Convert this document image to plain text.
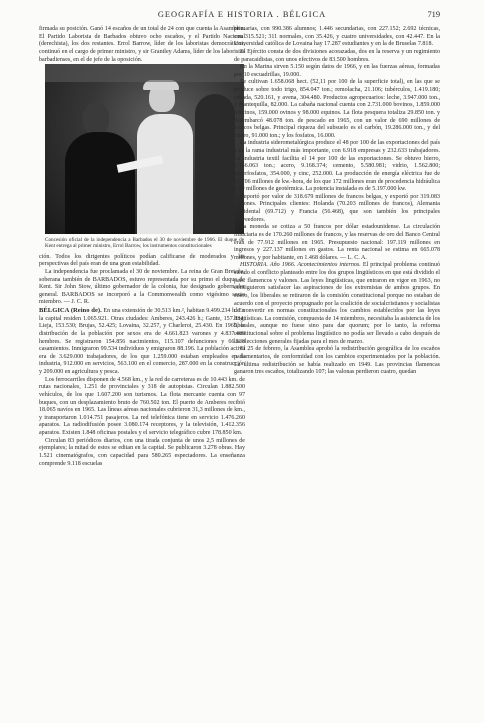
GEOGRAFÍA E HISTORIA . BÉLGICA	719

firmada su posición. Ganó 14 escaños de un total de 24 con que cuenta la Asamblea. El Partido Laborista de Barbados obtuvo ocho escaños, y el Partido Nacional (derechista), los dos restantes. Errol Barrow, líder de los laboristas democráticos, continuó en el cargo de primer ministro, y sir Grantley Adams, líder de los laboristas barbadienses, en el de jefe de la oposición.

Concesión oficial de la independencia a Barbados el 30 de noviembre de 1966. El duque de Kent entrega al primer ministro, Errol Barrow, los instrumentos constitucionales

ción. Todos los dirigentes políticos podían calificarse de moderados y las perspectivas del país eran de una gran estabilidad.

La independencia fue proclamada el 30 de noviembre. La reina de Gran Bretaña, soberana también de BARBADOS, estuvo representada por su primo el duque de Kent. Sir John Stow, último gobernador de la colonia, fue designado gobernador general. BARBADOS se incorporó a la Commonwealth como vigésimo sexto miembro. — J. C. R.

BÉLGICA (Reino de). En una extensión de 30.513 km.², habitan 9.499.234 h. En la capital residen 1.065.921. Otras ciudades: Amberes, 243.426 h.; Gante, 157.834; Lieja, 153.530; Brujas, 52.425; Lovaina, 32.257, y Charleroi, 25.430. En 1965, la distribución de la población por sexos era de 4.661.823 varones y 4.837.409 hembres. Se registraron 154.856 nacimientos, 115.107 defunciones y 66.538 casamientos. Inmigraron 99.534 individuos y emigraron 88.196. La población activa era de 3.629.000 trabajadores, de los que 1.259.000 estaban empleados en la industria, 912.000 en servicios, 563.100 en el comercio, 287.000 en la construcción y 209.000 en agricultura y pesca.

Los ferrocarriles disponen de 4.568 km., y la red de carreteras es de 10.443 km. de rutas nacionales, 1.251 de provinciales y 318 de autopistas. Circulan 1.882.500 vehículos, de los que 1.607.200 son turismos. La flota mercante cuenta con 97 buques, con un desplazamiento bruto de 760.502 ton. El puerto de Amberes recibió 18.065 navíos en 1965. Las líneas aéreas nacionales cubrieron 31,3 millones de km., y transportaron 1.014.751 pasajeros. La red telefónica tiene en servicio 1.476.260 aparatos. La radiodifusión posee 3.080.174 receptores, y la televisión, 1.412.356 aparatos. Existen 1.848 oficinas postales y el servicio telegráfico cubre 178.850 km.

Circulan 83 periódicos diarios, con una tirada conjunta de unos 2,5 millones de ejemplares; la mitad de estos se editan en la capital. Se publicaron 3.278 obras. Hay 1.521 cinematógrafos, con capacidad para 580.265 espectadores. La enseñanza comprende 9.118 escuelas

primarias, con 990.386 alumnos; 1.446 secundarias, con 227.152; 2.692 técnicas, con 315.521; 311 normales, con 35.426, y cuatro universidades, con 42.447. En la Universidad católica de Lovaina hay 17.287 estudiantes y en la de Bruselas 7.818.

El Ejército consta de dos divisiones acorazadas, dos en la reserva y un regimiento de paracaidistas, con unos efectivos de 83.500 hombres.

En la Marina sirven 5.150 según datos de 1966, y en las fuerzas aéreas, formadas por 10 escuadrillas, 19.000.

Se cultivan 1.658.068 hect. (52,11 por 100 de la superficie total), en las que se produce sobre todo trigo, 854.047 ton.; remolacha, 21.106; tubérculos, 1.419.180; cebada, 520.161, y avena, 304.480. Productos agropecuarios: leche, 3.947.000 ton., y mantequilla, 82.000. La cabaña nacional cuenta con 2.731.000 bovinos, 1.859.000 porcinos, 159.000 ovinos y 98.000 equinos. La flota pesquera totaliza 29.850 ton. y desembarcó 48.078 ton. de pescado en 1965, con un valor de 690 millones de francos belgas. Principal riqueza del subsuelo es el carbón, 19.286.000 ton., y del hierro, 91.000 ton.; y los fosfatos, 16.000.

La industria siderometalúrgica produce el 48 por 100 de las exportaciones del país y es la rama industrial más importante, con 6.918 empresas y 232.633 trabajadores. La industria textil facilita el 14 por 100 de las exportaciones. Se obtuvo hierro, 8.366.063 ton.; acero, 9.168.374; cemento, 5.580.981; vidrio, 1.562.800; superfosfatos, 354.000, y cinc, 252.000. La producción de energía eléctrica fue de 21.706 millones de kw.-hora, de los que 172 millones eran de procedencia hidráulica y 50 millones de geotérmica. La potencia instalada es de 5.197.000 kw.

Importó por valor de 318.679 millones de francos belgas, y exportó por 319.083 millones. Principales clientes: Holanda (70.203 millones de francos), Alemania Occidental (69.712) y Francia (56.468), que son también los principales proveedores.

La moneda se cotiza a 50 francos por dólar estadounidense. La circulación fiduciaria es de 170.260 millones de francos, y las reservas de oro del Banco Central eran de 77.912 millones en 1965. Presupuesto nacional: 197.119 millones en ingresos y 227.137 millones en gastos. La renta nacional se estima en 665.078 millones, y por habitante, en 1.468 dólares. — L. C. A.

HISTORIA. Año 1966. Acontecimientos internos. El principal problema continuó siendo el conflicto planteado entre los dos grupos lingüísticos en que está dividido el país: flamencos y valones. Las leyes lingüísticas, que entraron en vigor en 1963, no consiguieron satisfacer las aspiraciones de los extremistas de ambos grupos. En enero, los liberales se retiraron de la comisión constitucional porque no estaban de acuerdo con el proyecto propugnado por la coalición de socialcristianos y socialistas de convertir en normas constitucionales los cambios establecidos por las leyes lingüísticas. La comisión, compuesta de 14 miembros, necesitaba la asistencia de los liberales, aunque no fuese sino para dar quorum; por lo tanto, la reforma constitucional sobre el problema lingüístico no podía ser llevado a cabo después de las elecciones generales fijadas para el mes de marzo.

El 25 de febrero, la Asamblea aprobó la redistribución geográfica de los escaños parlamentarios, de conformidad con los cambios experimentados por la población. La última redistribución se había realizado en 1949. Las provincias flamencas ganaron tres escaños, totalizando 107; las valonas perdieron cuatro, quedan
